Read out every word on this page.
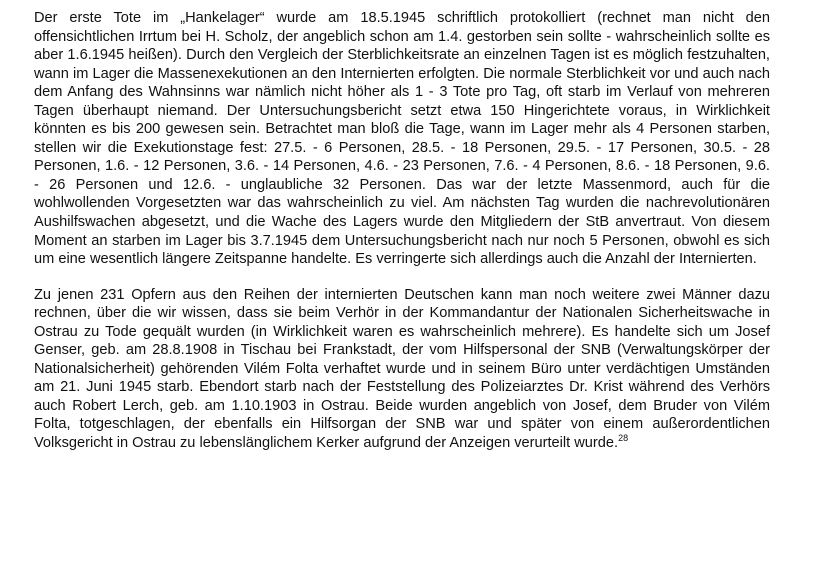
Der erste Tote im „Hankelager“ wurde am 18.5.1945 schriftlich protokolliert (rechnet man nicht den offensichtlichen Irrtum bei H. Scholz, der angeblich schon am 1.4. gestorben sein sollte - wahrscheinlich sollte es aber 1.6.1945 heißen). Durch den Vergleich der Sterblichkeitsrate an einzelnen Tagen ist es möglich festzuhalten, wann im Lager die Massenexekutionen an den Internierten erfolgten. Die normale Sterblichkeit vor und auch nach dem Anfang des Wahnsinns war nämlich nicht höher als 1 - 3 Tote pro Tag, oft starb im Verlauf von mehreren Tagen überhaupt niemand. Der Untersuchungsbericht setzt etwa 150 Hingerichtete voraus, in Wirklichkeit könnten es bis 200 gewesen sein. Betrachtet man bloß die Tage, wann im Lager mehr als 4 Personen starben, stellen wir die Exekutionstage fest: 27.5. - 6 Personen, 28.5. - 18 Personen, 29.5. - 17 Personen, 30.5. - 28 Personen, 1.6. - 12 Personen, 3.6. - 14 Personen, 4.6. - 23 Personen, 7.6. - 4 Personen, 8.6. - 18 Personen, 9.6. - 26 Personen und 12.6. - unglaubliche 32 Personen. Das war der letzte Massenmord, auch für die wohlwollenden Vorgesetzten war das wahrscheinlich zu viel. Am nächsten Tag wurden die nachrevolutionären Aushilfswachen abgesetzt, und die Wache des Lagers wurde den Mitgliedern der StB anvertraut. Von diesem Moment an starben im Lager bis 3.7.1945 dem Untersuchungsbericht nach nur noch 5 Personen, obwohl es sich um eine wesentlich längere Zeitspanne handelte. Es verringerte sich allerdings auch die Anzahl der Internierten.

Zu jenen 231 Opfern aus den Reihen der internierten Deutschen kann man noch weitere zwei Männer dazu rechnen, über die wir wissen, dass sie beim Verhör in der Kommandantur der Nationalen Sicherheitswache in Ostrau zu Tode gequält wurden (in Wirklichkeit waren es wahrscheinlich mehrere). Es handelte sich um Josef Genser, geb. am 28.8.1908 in Tischau bei Frankstadt, der vom Hilfspersonal der SNB (Verwaltungskörper der Nationalsicherheit) gehörenden Vilém Folta verhaftet wurde und in seinem Büro unter verdächtigen Umständen am 21. Juni 1945 starb. Ebendort starb nach der Feststellung des Polizeiarztes Dr. Krist während des Verhörs auch Robert Lerch, geb. am 1.10.1903 in Ostrau. Beide wurden angeblich von Josef, dem Bruder von Vilém Folta, totgeschlagen, der ebenfalls ein Hilfsorgan der SNB war und später von einem außerordentlichen Volksgericht in Ostrau zu lebenslänglichem Kerker aufgrund der Anzeigen verurteilt wurde.$^{28}$
